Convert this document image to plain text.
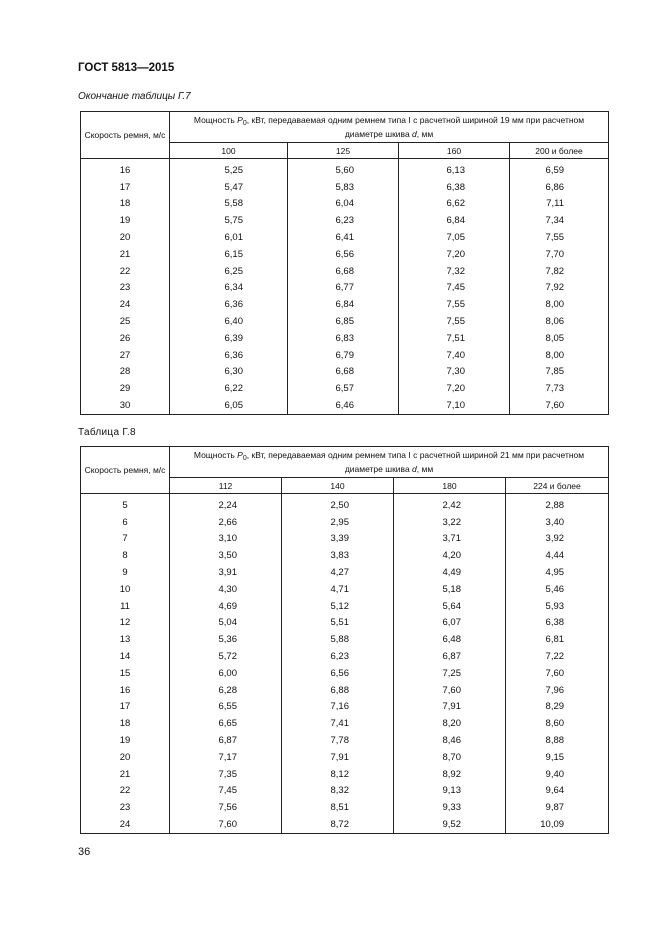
ГОСТ 5813—2015
Окончание таблицы Г.7
Скорость ремня, м/с	Мощность $P_0$, кВт, передаваемая одним ремнем типа I с расчетной шириной 19 мм при расчетном диаметре шкива d, мм			
	100	125	160	200 и более
16	5,25	5,60	6,13	6,59
17	5,47	5,83	6,38	6,86
18	5,58	6,04	6,62	7,11
19	5,75	6,23	6,84	7,34
20	6,01	6,41	7,05	7,55
21	6,15	6,56	7,20	7,70
22	6,25	6,68	7,32	7,82
23	6,34	6,77	7,45	7,92
24	6,36	6,84	7,55	8,00
25	6,40	6,85	7,55	8,06
26	6,39	6,83	7,51	8,05
27	6,36	6,79	7,40	8,00
28	6,30	6,68	7,30	7,85
29	6,22	6,57	7,20	7,73
30	6,05	6,46	7,10	7,60
Таблица Г.8
Скорость ремня, м/с	Мощность $P_0$, кВт, передаваемая одним ремнем типа I с расчетной шириной 21 мм при расчетном диаметре шкива d, мм			
	112	140	180	224 и более
5	2,24	2,50	2,42	2,88
6	2,66	2,95	3,22	3,40
7	3,10	3,39	3,71	3,92
8	3,50	3,83	4,20	4,44
9	3,91	4,27	4,49	4,95
10	4,30	4,71	5,18	5,46
11	4,69	5,12	5,64	5,93
12	5,04	5,51	6,07	6,38
13	5,36	5,88	6,48	6,81
14	5,72	6,23	6,87	7,22
15	6,00	6,56	7,25	7,60
16	6,28	6,88	7,60	7,96
17	6,55	7,16	7,91	8,29
18	6,65	7,41	8,20	8,60
19	6,87	7,78	8,46	8,88
20	7,17	7,91	8,70	9,15
21	7,35	8,12	8,92	9,40
22	7,45	8,32	9,13	9,64
23	7,56	8,51	9,33	9,87
24	7,60	8,72	9,52	10,09
36
